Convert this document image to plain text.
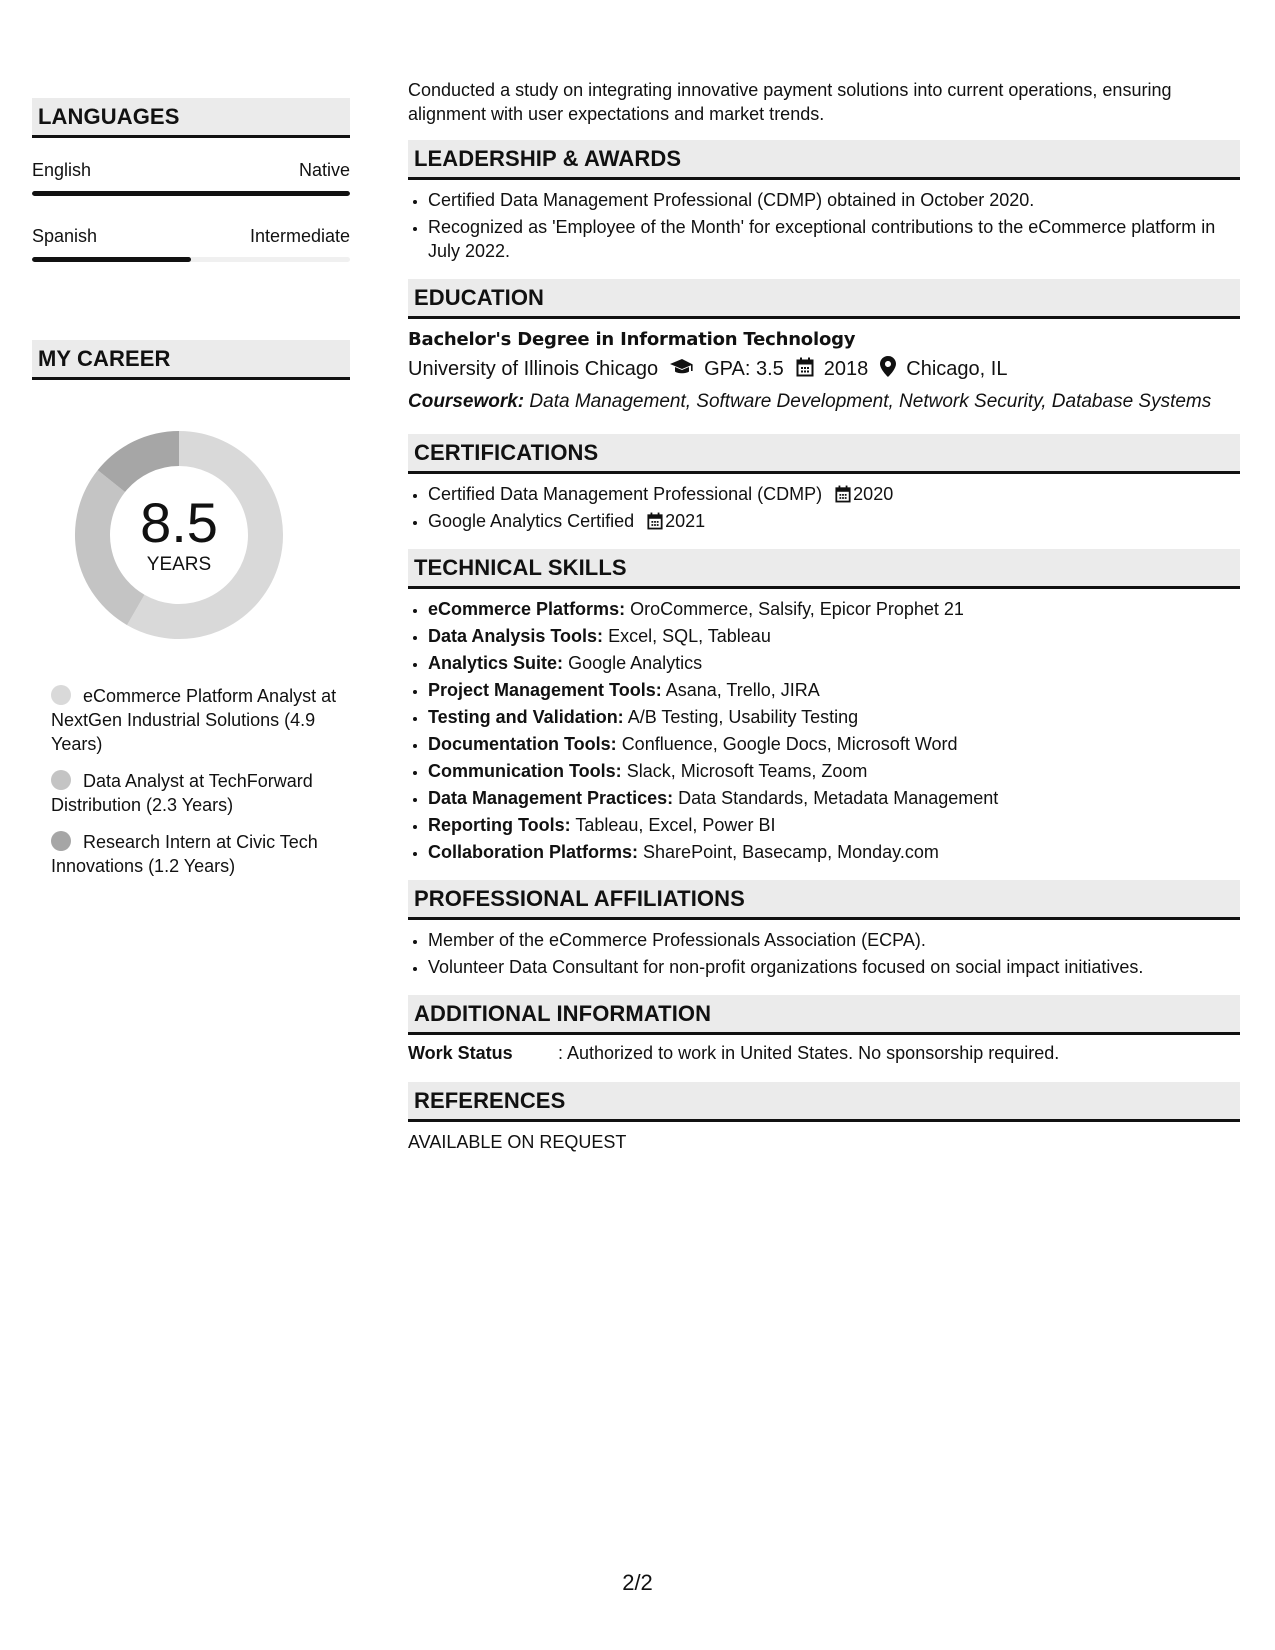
LANGUAGES
English	Native
Spanish	Intermediate
MY CAREER
8.5
YEARS
eCommerce Platform Analyst at NextGen Industrial Solutions (4.9 Years)
Data Analyst at TechForward Distribution (2.3 Years)
Research Intern at Civic Tech Innovations (1.2 Years)

Conducted a study on integrating innovative payment solutions into current operations, ensuring alignment with user expectations and market trends.

LEADERSHIP & AWARDS
• Certified Data Management Professional (CDMP) obtained in October 2020.
• Recognized as 'Employee of the Month' for exceptional contributions to the eCommerce platform in July 2022.
EDUCATION
Bachelor's Degree in Information Technology
University of Illinois Chicago GPA: 3.5 2018 Chicago, IL
Coursework: Data Management, Software Development, Network Security, Database Systems
CERTIFICATIONS
• Certified Data Management Professional (CDMP) 2020
• Google Analytics Certified 2021
TECHNICAL SKILLS
• eCommerce Platforms: OroCommerce, Salsify, Epicor Prophet 21
• Data Analysis Tools: Excel, SQL, Tableau
• Analytics Suite: Google Analytics
• Project Management Tools: Asana, Trello, JIRA
• Testing and Validation: A/B Testing, Usability Testing
• Documentation Tools: Confluence, Google Docs, Microsoft Word
• Communication Tools: Slack, Microsoft Teams, Zoom
• Data Management Practices: Data Standards, Metadata Management
• Reporting Tools: Tableau, Excel, Power BI
• Collaboration Platforms: SharePoint, Basecamp, Monday.com
PROFESSIONAL AFFILIATIONS
• Member of the eCommerce Professionals Association (ECPA).
• Volunteer Data Consultant for non-profit organizations focused on social impact initiatives.
ADDITIONAL INFORMATION
Work Status	: Authorized to work in United States. No sponsorship required.
REFERENCES
AVAILABLE ON REQUEST
2/2
